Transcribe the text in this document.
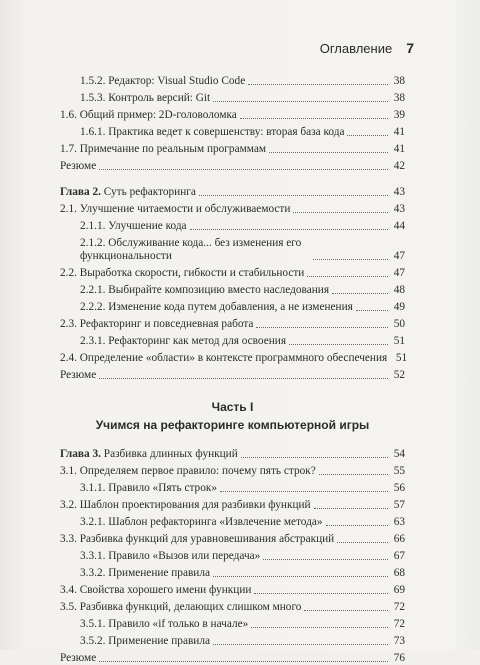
Оглавление 7
1.5.2. Редактор: Visual Studio Code	38
1.5.3. Контроль версий: Git	38
1.6. Общий пример: 2D-головоломка	39
1.6.1. Практика ведет к совершенству: вторая база кода	41
1.7. Примечание по реальным программам	41
Резюме	42
Глава 2. Суть рефакторинга	43
2.1. Улучшение читаемости и обслуживаемости	43
2.1.1. Улучшение кода	44
2.1.2. Обслуживание кода... без изменения его функциональности	47
2.2. Выработка скорости, гибкости и стабильности	47
2.2.1. Выбирайте композицию вместо наследования	48
2.2.2. Изменение кода путем добавления, а не изменения	49
2.3. Рефакторинг и повседневная работа	50
2.3.1. Рефакторинг как метод для освоения	51
2.4. Определение «области» в контексте программного обеспечения 51
Резюме	52
Часть I
Учимся на рефакторинге компьютерной игры
Глава 3. Разбивка длинных функций	54
3.1. Определяем первое правило: почему пять строк?	55
3.1.1. Правило «Пять строк»	56
3.2. Шаблон проектирования для разбивки функций	57
3.2.1. Шаблон рефакторинга «Извлечение метода»	63
3.3. Разбивка функций для уравновешивания абстракций	66
3.3.1. Правило «Вызов или передача»	67
3.3.2. Применение правила	68
3.4. Свойства хорошего имени функции	69
3.5. Разбивка функций, делающих слишком много	72
3.5.1. Правило «if только в начале»	72
3.5.2. Применение правила	73
Резюме	76
